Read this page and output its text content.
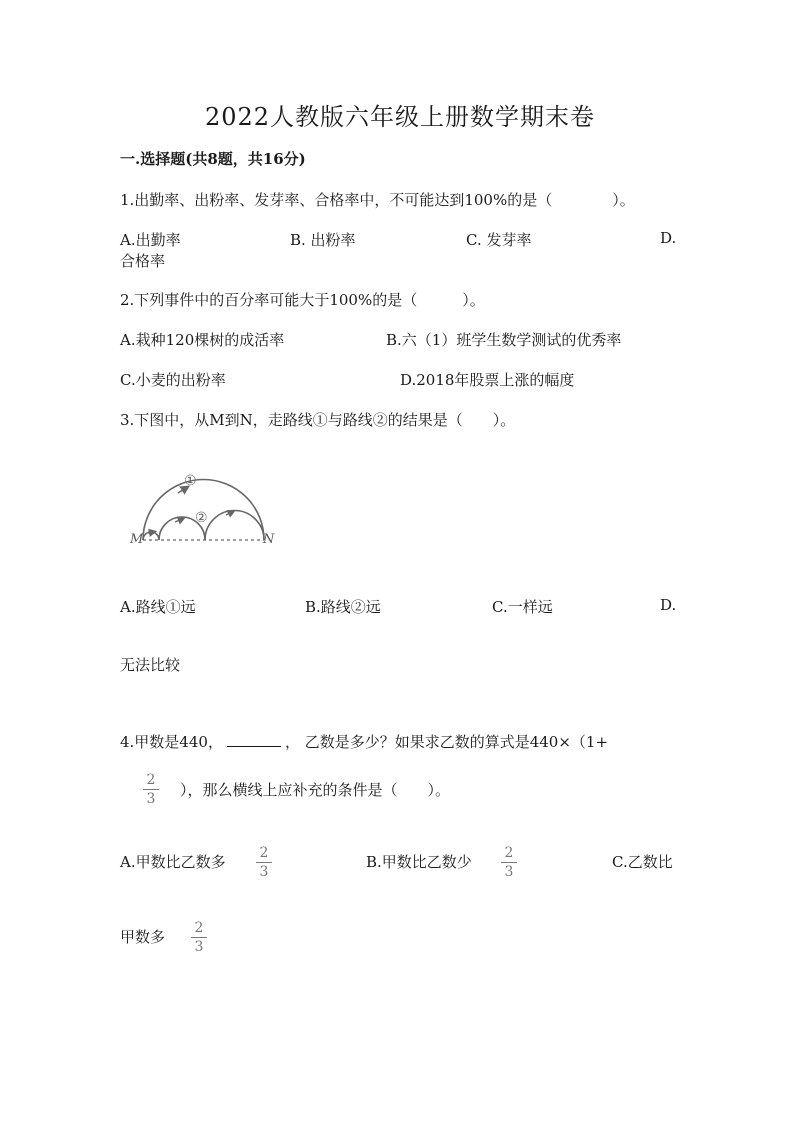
2022人教版六年级上册数学期末卷
一.选择题(共8题，共16分)
1.出勤率、出粉率、发芽率、合格率中，不可能达到100%的是（　　　　）。
A.出勤率	B. 出粉率	C. 发芽率	D.
合格率
2.下列事件中的百分率可能大于100%的是（　　　）。
A.栽种120棵树的成活率	B.六（1）班学生数学测试的优秀率
C.小麦的出粉率	D.2018年股票上涨的幅度
3.下图中，从M到N，走路线①与路线②的结果是（　　）。
M	N
①
②
A.路线①远	B.路线②远	C.一样远	D.
无法比较
4.甲数是440，	， 乙数是多少？如果求乙数的算式是440×（1+
2
3 ），那么横线上应补充的条件是（　　）。
A.甲数比乙数多 2
3
B.甲数比乙数少 2
3
C.乙数比
甲数多 2
3
